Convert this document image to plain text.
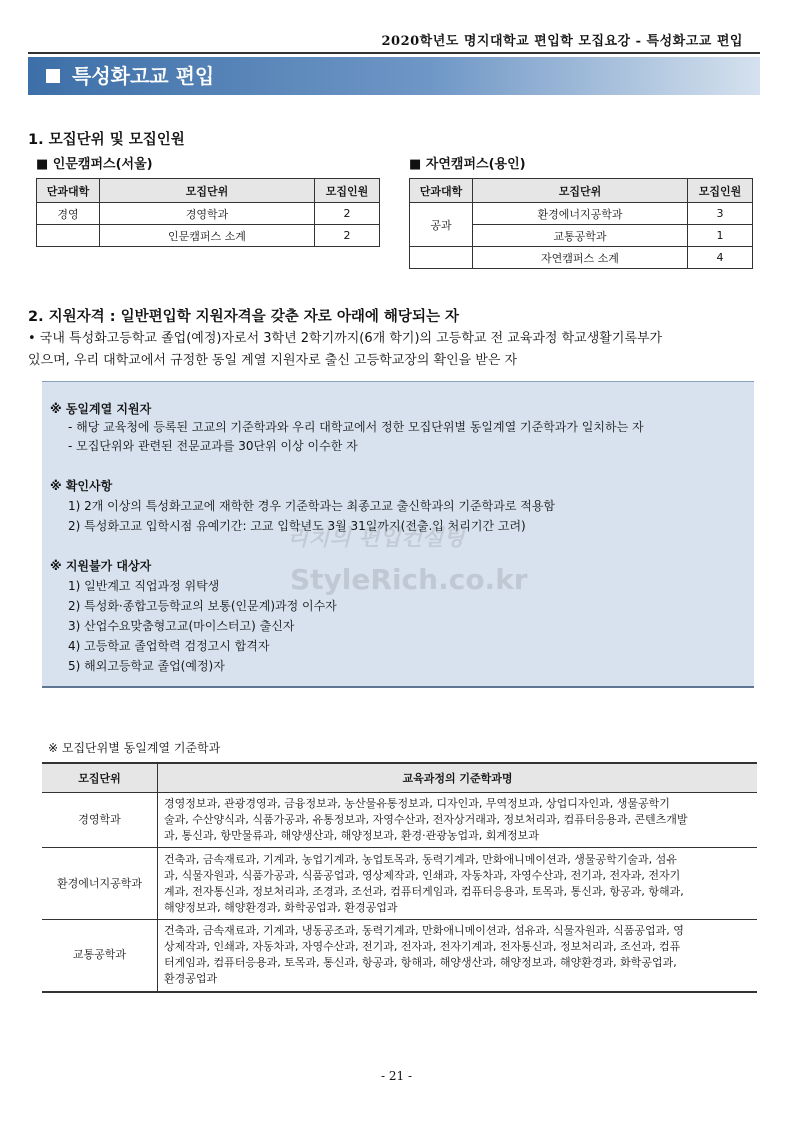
2020학년도 명지대학교 편입학 모집요강 - 특성화고교 편입
특성화고교 편입
1. 모집단위 및 모집인원
■ 인문캠퍼스(서울)
단과대학	모집단위	모집인원
경영	경영학과	2
	인문캠퍼스 소계	2
■ 자연캠퍼스(용인)
단과대학	모집단위	모집인원
공과	환경에너지공학과	3
	교통공학과	1
	자연캠퍼스 소계	4
2. 지원자격 : 일반편입학 지원자격을 갖춘 자로 아래에 해당되는 자
• 국내 특성화고등학교 졸업(예정)자로서 3학년 2학기까지(6개 학기)의 고등학교 전 교육과정 학교생활기록부가
있으며, 우리 대학교에서 규정한 동일 계열 지원자로 출신 고등학교장의 확인을 받은 자
※ 동일계열 지원자
- 해당 교육청에 등록된 고교의 기준학과와 우리 대학교에서 정한 모집단위별 동일계열 기준학과가 일치하는 자
- 모집단위와 관련된 전문교과를 30단위 이상 이수한 자
※ 확인사항
1) 2개 이상의 특성화고교에 재학한 경우 기준학과는 최종고교 출신학과의 기준학과로 적용함
2) 특성화고교 입학시점 유예기간: 고교 입학년도 3월 31일까지(전출.입 처리기간 고려)
※ 지원불가 대상자
1) 일반계고 직업과정 위탁생
2) 특성화·종합고등학교의 보통(인문계)과정 이수자
3) 산업수요맞춤형고교(마이스터고) 출신자
4) 고등학교 졸업학력 검정고시 합격자
5) 해외고등학교 졸업(예정)자
리치의 편입컨설팅
StyleRich.co.kr
※ 모집단위별 동일계열 기준학과
모집단위	교육과정의 기준학과명
경영학과	경영정보과, 관광경영과, 금융정보과, 농산물유통정보과, 디자인과, 무역정보과, 상업디자인과, 생물공학기
술과, 수산양식과, 식품가공과, 유통정보과, 자영수산과, 전자상거래과, 정보처리과, 컴퓨터응용과, 콘텐츠개발
과, 통신과, 항만물류과, 해양생산과, 해양정보과, 환경·관광농업과, 회계정보과

환경에너지공학과	건축과, 금속재료과, 기계과, 농업기계과, 농업토목과, 동력기계과, 만화애니메이션과, 생물공학기술과, 섬유
과, 식물자원과, 식품가공과, 식품공업과, 영상제작과, 인쇄과, 자동차과, 자영수산과, 전기과, 전자과, 전자기
계과, 전자통신과, 정보처리과, 조경과, 조선과, 컴퓨터게임과, 컴퓨터응용과, 토목과, 통신과, 항공과, 항해과,
해양정보과, 해양환경과, 화학공업과, 환경공업과

교통공학과	건축과, 금속재료과, 기계과, 냉동공조과, 동력기계과, 만화애니메이션과, 섬유과, 식물자원과, 식품공업과, 영
상제작과, 인쇄과, 자동차과, 자영수산과, 전기과, 전자과, 전자기계과, 전자통신과, 정보처리과, 조선과, 컴퓨
터게임과, 컴퓨터응용과, 토목과, 통신과, 항공과, 항해과, 해양생산과, 해양정보과, 해양환경과, 화학공업과,
환경공업과
- 21 -
